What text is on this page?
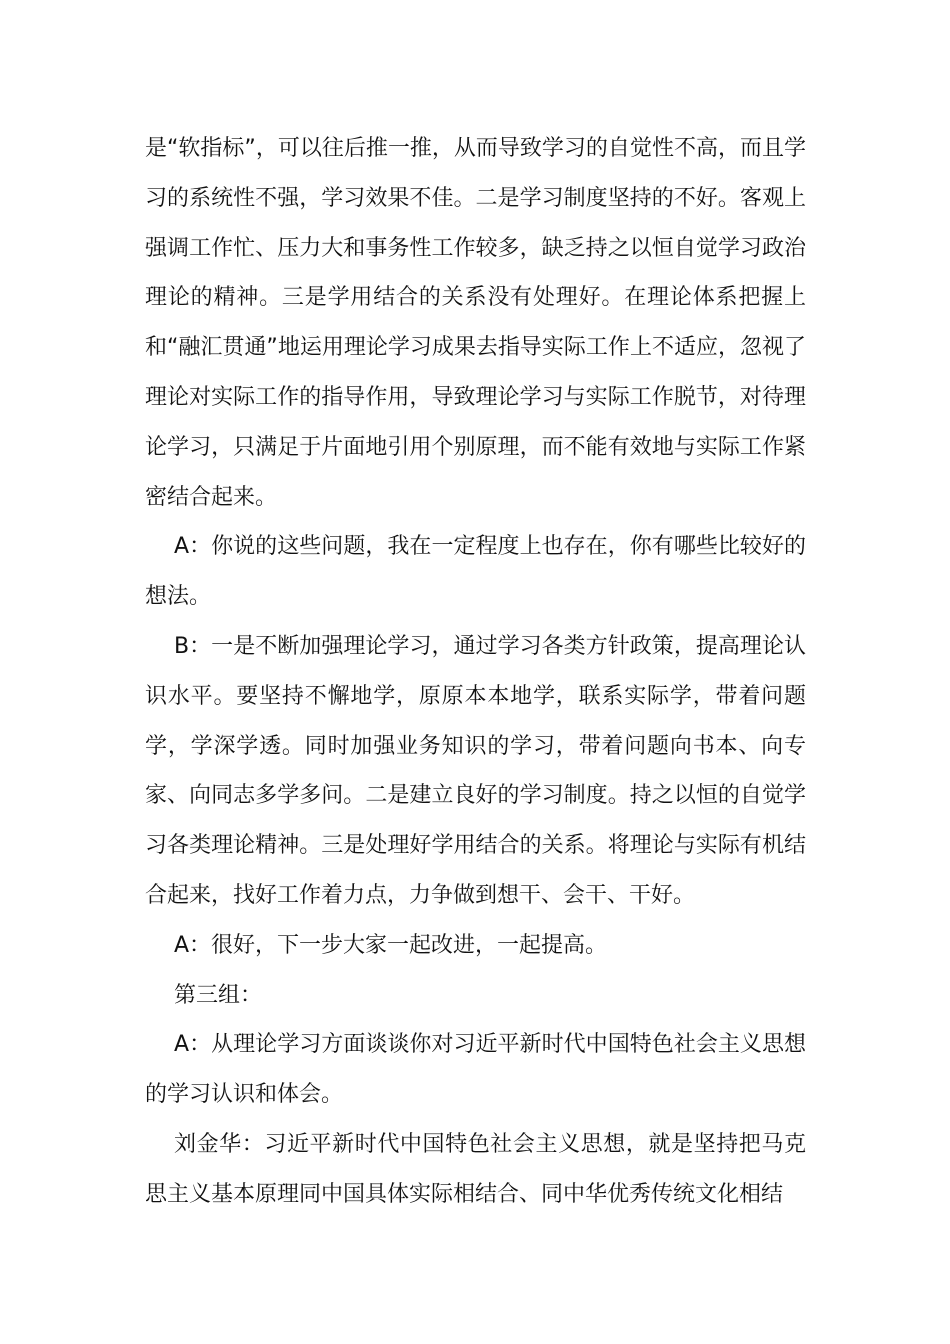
是“软指标”，可以往后推一推，从而导致学习的自觉性不高，而且学习的系统性不强，学习效果不佳。二是学习制度坚持的不好。客观上强调工作忙、压力大和事务性工作较多，缺乏持之以恒自觉学习政治理论的精神。三是学用结合的关系没有处理好。在理论体系把握上和“融汇贯通”地运用理论学习成果去指导实际工作上不适应，忽视了理论对实际工作的指导作用，导致理论学习与实际工作脱节，对待理论学习，只满足于片面地引用个别原理，而不能有效地与实际工作紧密结合起来。

A：你说的这些问题，我在一定程度上也存在，你有哪些比较好的想法。

B：一是不断加强理论学习，通过学习各类方针政策，提高理论认识水平。要坚持不懈地学，原原本本地学，联系实际学，带着问题学，学深学透。同时加强业务知识的学习，带着问题向书本、向专家、向同志多学多问。二是建立良好的学习制度。持之以恒的自觉学习各类理论精神。三是处理好学用结合的关系。将理论与实际有机结合起来，找好工作着力点，力争做到想干、会干、干好。

A：很好，下一步大家一起改进，一起提高。

第三组：

A：从理论学习方面谈谈你对习近平新时代中国特色社会主义思想的学习认识和体会。

刘金华：习近平新时代中国特色社会主义思想，就是坚持把马克思主义基本原理同中国具体实际相结合、同中华优秀传统文化相结
